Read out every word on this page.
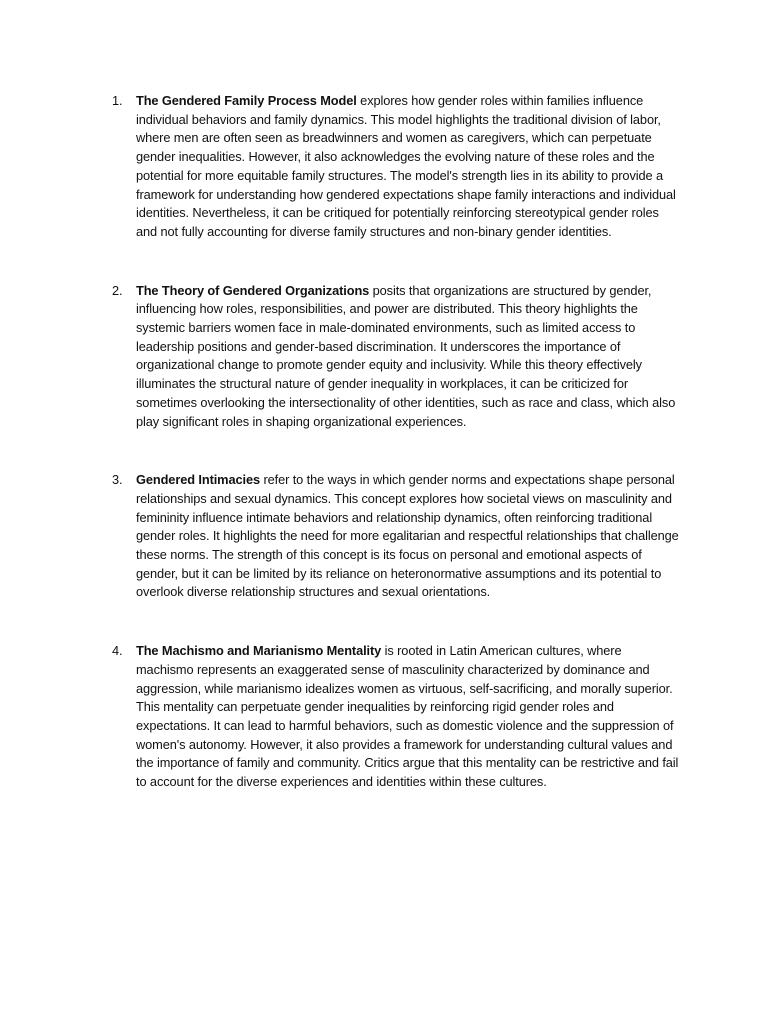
1.	The Gendered Family Process Model explores how gender roles within families influence individual behaviors and family dynamics. This model highlights the traditional division of labor, where men are often seen as breadwinners and women as caregivers, which can perpetuate gender inequalities. However, it also acknowledges the evolving nature of these roles and the potential for more equitable family structures. The model's strength lies in its ability to provide a framework for understanding how gendered expectations shape family interactions and individual identities. Nevertheless, it can be critiqued for potentially reinforcing stereotypical gender roles and not fully accounting for diverse family structures and non-binary gender identities.
2.	The Theory of Gendered Organizations posits that organizations are structured by gender, influencing how roles, responsibilities, and power are distributed. This theory highlights the systemic barriers women face in male-dominated environments, such as limited access to leadership positions and gender-based discrimination. It underscores the importance of organizational change to promote gender equity and inclusivity. While this theory effectively illuminates the structural nature of gender inequality in workplaces, it can be criticized for sometimes overlooking the intersectionality of other identities, such as race and class, which also play significant roles in shaping organizational experiences.
3.	Gendered Intimacies refer to the ways in which gender norms and expectations shape personal relationships and sexual dynamics. This concept explores how societal views on masculinity and femininity influence intimate behaviors and relationship dynamics, often reinforcing traditional gender roles. It highlights the need for more egalitarian and respectful relationships that challenge these norms. The strength of this concept is its focus on personal and emotional aspects of gender, but it can be limited by its reliance on heteronormative assumptions and its potential to overlook diverse relationship structures and sexual orientations.
4.	The Machismo and Marianismo Mentality is rooted in Latin American cultures, where machismo represents an exaggerated sense of masculinity characterized by dominance and aggression, while marianismo idealizes women as virtuous, self-sacrificing, and morally superior. This mentality can perpetuate gender inequalities by reinforcing rigid gender roles and expectations. It can lead to harmful behaviors, such as domestic violence and the suppression of women's autonomy. However, it also provides a framework for understanding cultural values and the importance of family and community. Critics argue that this mentality can be restrictive and fail to account for the diverse experiences and identities within these cultures.
